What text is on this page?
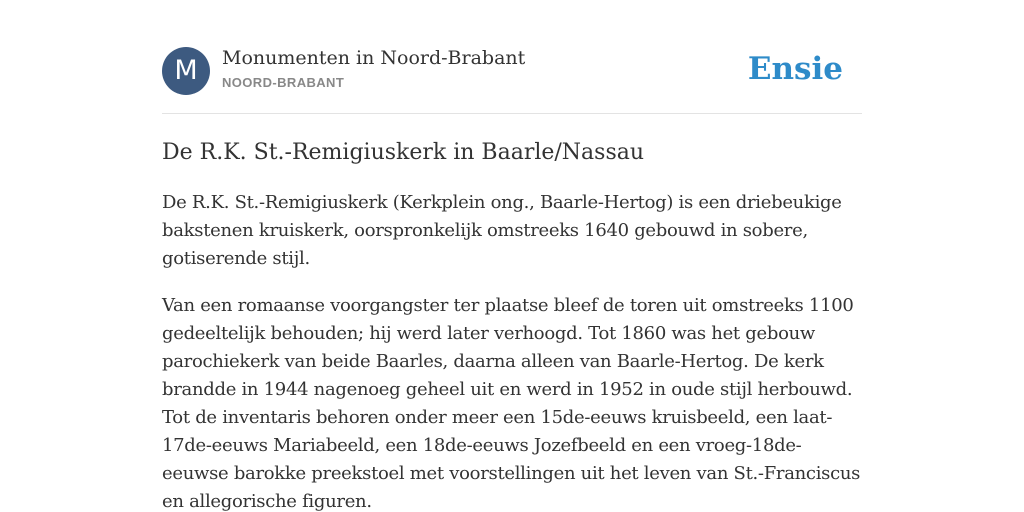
M	Monumenten in Noord-Brabant
NOORD-BRABANT	Ensie
De R.K. St.-Remigiuskerk in Baarle/Nassau

De R.K. St.-Remigiuskerk (Kerkplein ong., Baarle-Hertog) is een driebeukige bakstenen kruiskerk, oorspronkelijk omstreeks 1640 gebouwd in sobere, gotiserende stijl.

Van een romaanse voorgangster ter plaatse bleef de toren uit omstreeks 1100 gedeeltelijk behouden; hij werd later verhoogd. Tot 1860 was het gebouw parochiekerk van beide Baarles, daarna alleen van Baarle-Hertog. De kerk brandde in 1944 nagenoeg geheel uit en werd in 1952 in oude stijl herbouwd. Tot de inventaris behoren onder meer een 15de-eeuws kruisbeeld, een laat-17de-eeuws Mariabeeld, een 18de-eeuws Jozefbeeld en een vroeg-18de-eeuwse barokke preekstoel met voorstellingen uit het leven van St.-Franciscus en allegorische figuren.
